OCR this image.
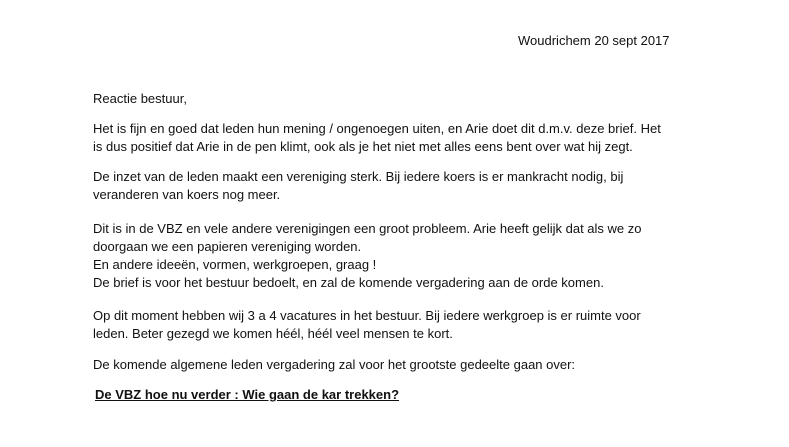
Woudrichem 20 sept 2017
Reactie bestuur,
Het is fijn en goed dat leden hun mening / ongenoegen uiten, en Arie doet dit d.m.v. deze brief. Het
is dus positief dat Arie in de pen klimt, ook als je het niet met alles eens bent over wat hij zegt.
De inzet van de leden maakt een vereniging sterk. Bij iedere koers is er mankracht nodig, bij
veranderen van koers nog meer.
Dit is in de VBZ en vele andere verenigingen een groot probleem. Arie heeft gelijk dat als we zo
doorgaan we een papieren vereniging worden.
En andere ideeën, vormen, werkgroepen, graag !
De brief is voor het bestuur bedoelt, en zal de komende vergadering aan de orde komen.
Op dit moment hebben wij 3 a 4 vacatures in het bestuur. Bij iedere werkgroep is er ruimte voor
leden. Beter gezegd we komen héél, héél veel mensen te kort.
De komende algemene leden vergadering zal voor het grootste gedeelte gaan over:
De VBZ hoe nu verder : Wie gaan de kar trekken?
